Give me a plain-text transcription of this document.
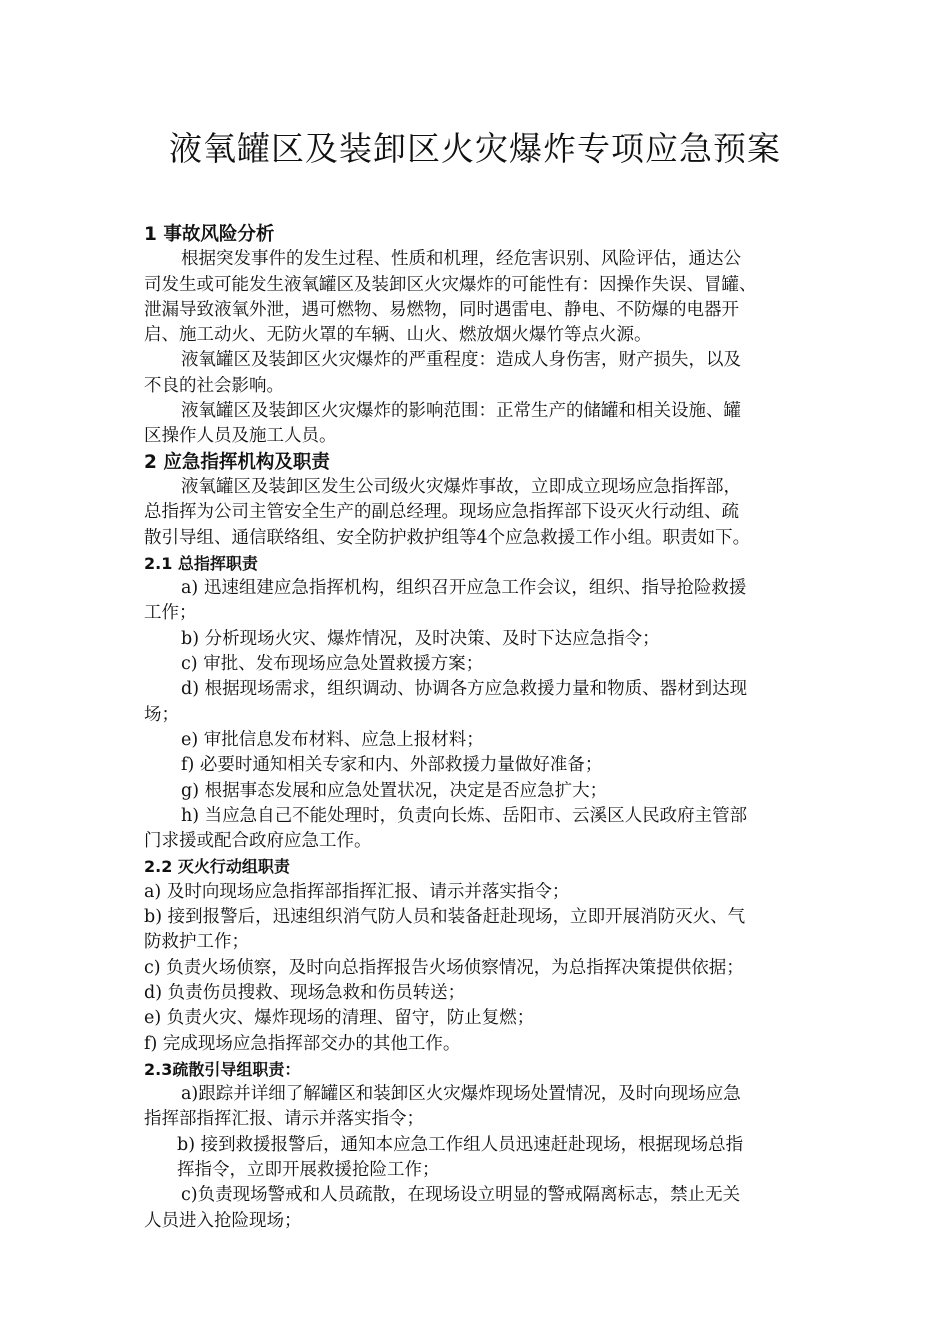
液氧罐区及装卸区火灾爆炸专项应急预案
1 事故风险分析
根据突发事件的发生过程、性质和机理，经危害识别、风险评估，通达公
司发生或可能发生液氧罐区及装卸区火灾爆炸的可能性有：因操作失误、冒罐、
泄漏导致液氧外泄，遇可燃物、易燃物，同时遇雷电、静电、不防爆的电器开
启、施工动火、无防火罩的车辆、山火、燃放烟火爆竹等点火源。
液氧罐区及装卸区火灾爆炸的严重程度：造成人身伤害，财产损失，以及
不良的社会影响。
液氧罐区及装卸区火灾爆炸的影响范围：正常生产的储罐和相关设施、罐
区操作人员及施工人员。
2 应急指挥机构及职责
液氧罐区及装卸区发生公司级火灾爆炸事故，立即成立现场应急指挥部，
总指挥为公司主管安全生产的副总经理。现场应急指挥部下设灭火行动组、疏
散引导组、通信联络组、安全防护救护组等4个应急救援工作小组。职责如下。
2.1 总指挥职责
a) 迅速组建应急指挥机构，组织召开应急工作会议，组织、指导抢险救援
工作；
b) 分析现场火灾、爆炸情况，及时决策、及时下达应急指令；
c) 审批、发布现场应急处置救援方案；
d) 根据现场需求，组织调动、协调各方应急救援力量和物质、器材到达现
场；
e) 审批信息发布材料、应急上报材料；
f) 必要时通知相关专家和内、外部救援力量做好准备；
g) 根据事态发展和应急处置状况，决定是否应急扩大；
h) 当应急自己不能处理时，负责向长炼、岳阳市、云溪区人民政府主管部
门求援或配合政府应急工作。
2.2 灭火行动组职责
a) 及时向现场应急指挥部指挥汇报、请示并落实指令；
b) 接到报警后，迅速组织消气防人员和装备赶赴现场，立即开展消防灭火、气
防救护工作；
c) 负责火场侦察，及时向总指挥报告火场侦察情况，为总指挥决策提供依据；
d) 负责伤员搜救、现场急救和伤员转送；
e) 负责火灾、爆炸现场的清理、留守，防止复燃；
f) 完成现场应急指挥部交办的其他工作。
2.3疏散引导组职责：
a)跟踪并详细了解罐区和装卸区火灾爆炸现场处置情况，及时向现场应急
指挥部指挥汇报、请示并落实指令；
b) 接到救援报警后，通知本应急工作组人员迅速赶赴现场，根据现场总指
挥指令，立即开展救援抢险工作；
c)负责现场警戒和人员疏散，在现场设立明显的警戒隔离标志，禁止无关
人员进入抢险现场；
